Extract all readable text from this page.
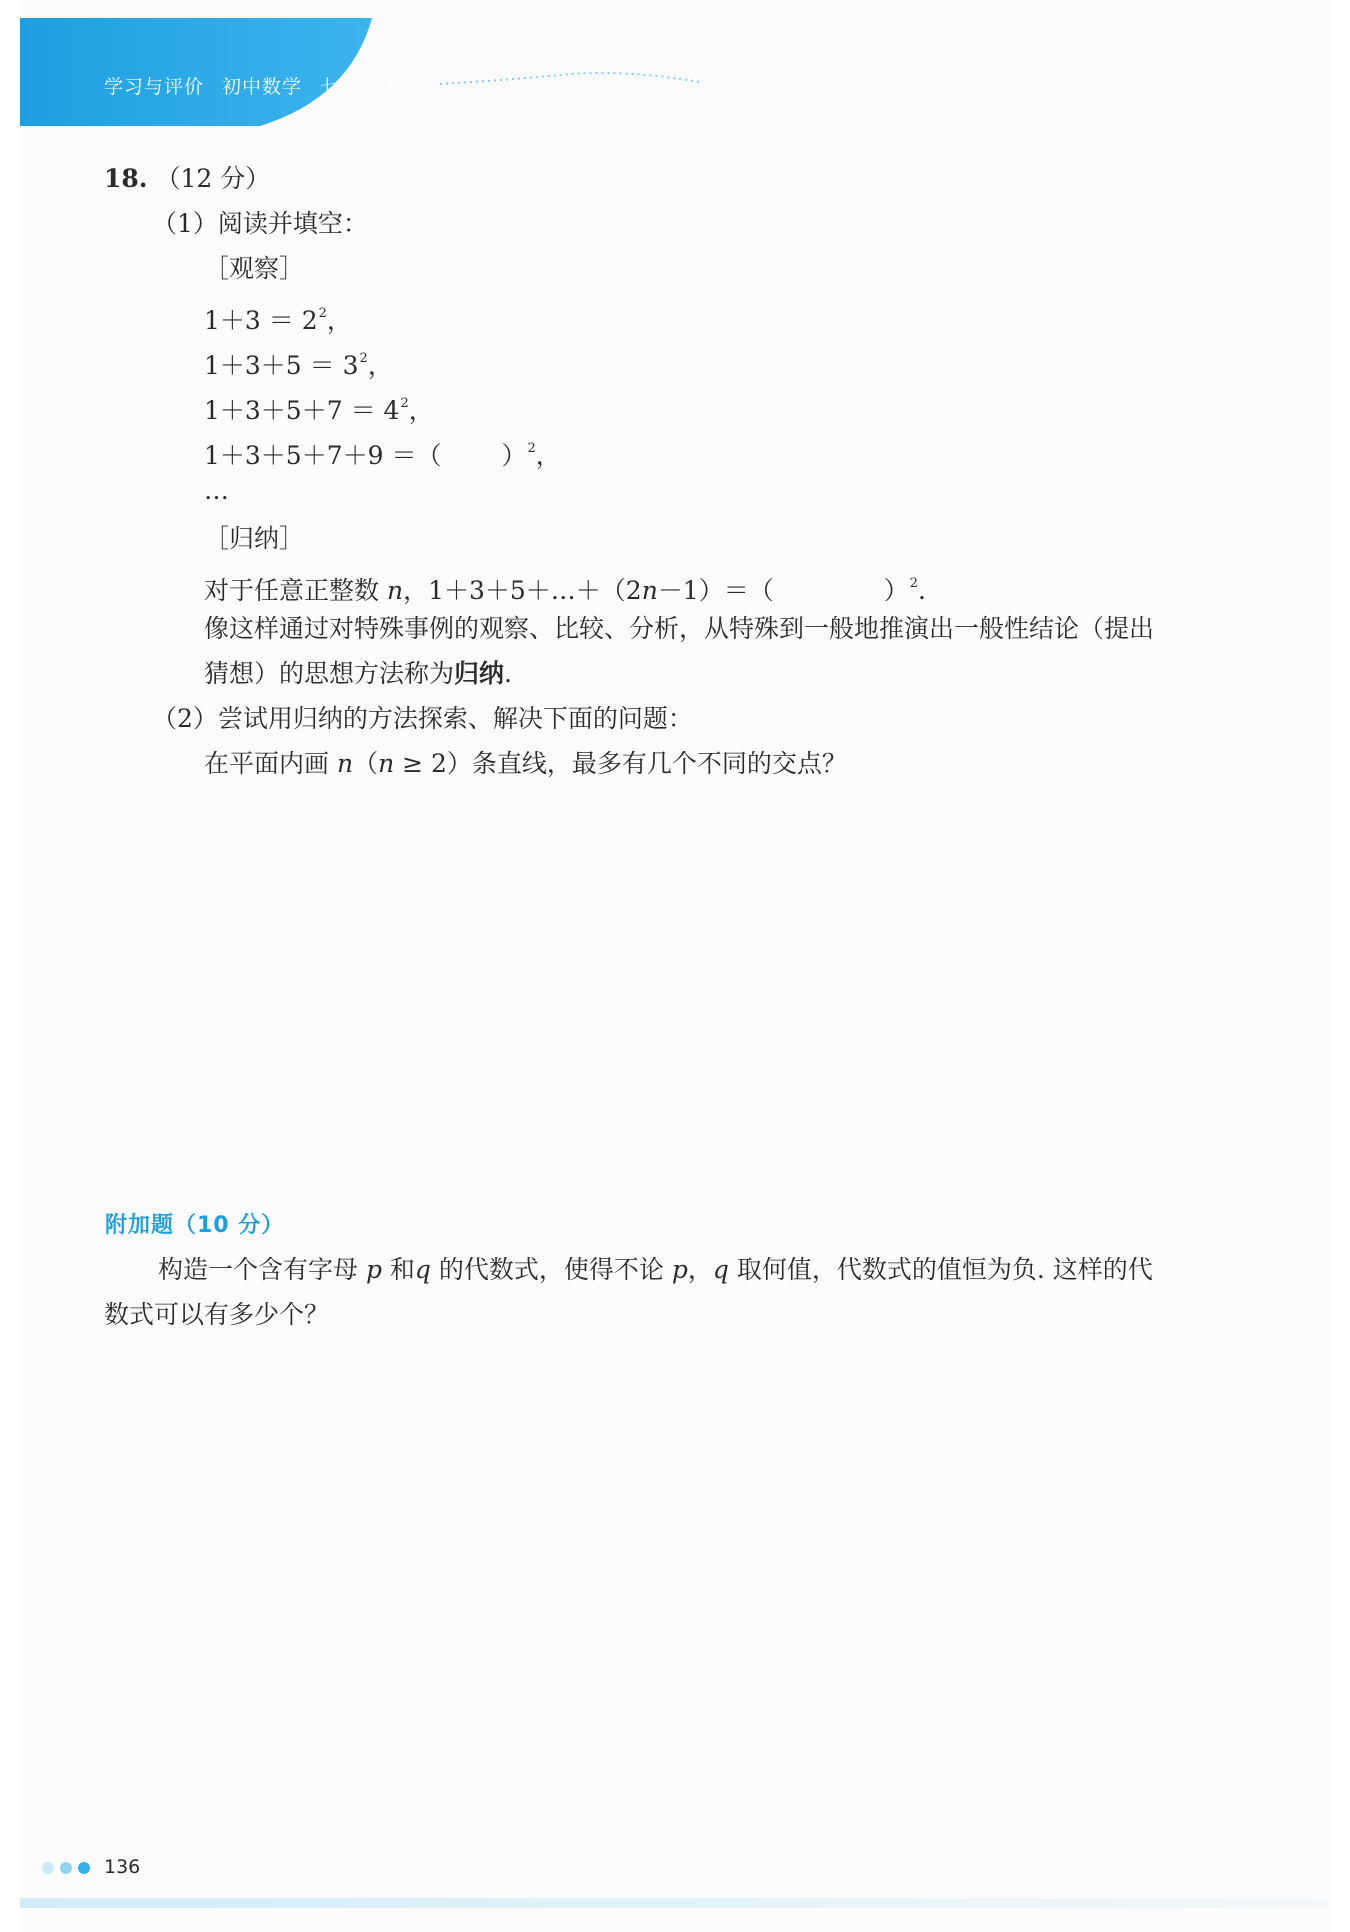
学习与评价 初中数学 七年级上册
18. （12 分）
（1）阅读并填空：
［观察］
$1+3 = 2^2$，
$1+3+5 = 3^2$，
$1+3+5+7 = 4^2$，
1＋3＋5＋7＋9 ＝（ ）$^2$，
…
［归纳］
对于任意正整数 n，1＋3＋5＋…＋（2n－1）＝（	）$^2$.
像这样通过对特殊事例的观察、比较、分析，从特殊到一般地推演出一般性结论（提出
猜想）的思想方法称为归纳.
（2）尝试用归纳的方法探索、解决下面的问题：
在平面内画 n（n ≥ 2）条直线，最多有几个不同的交点？
附加题（10 分）
构造一个含有字母 p 和q 的代数式，使得不论 p，q 取何值，代数式的值恒为负. 这样的代
数式可以有多少个？
136
